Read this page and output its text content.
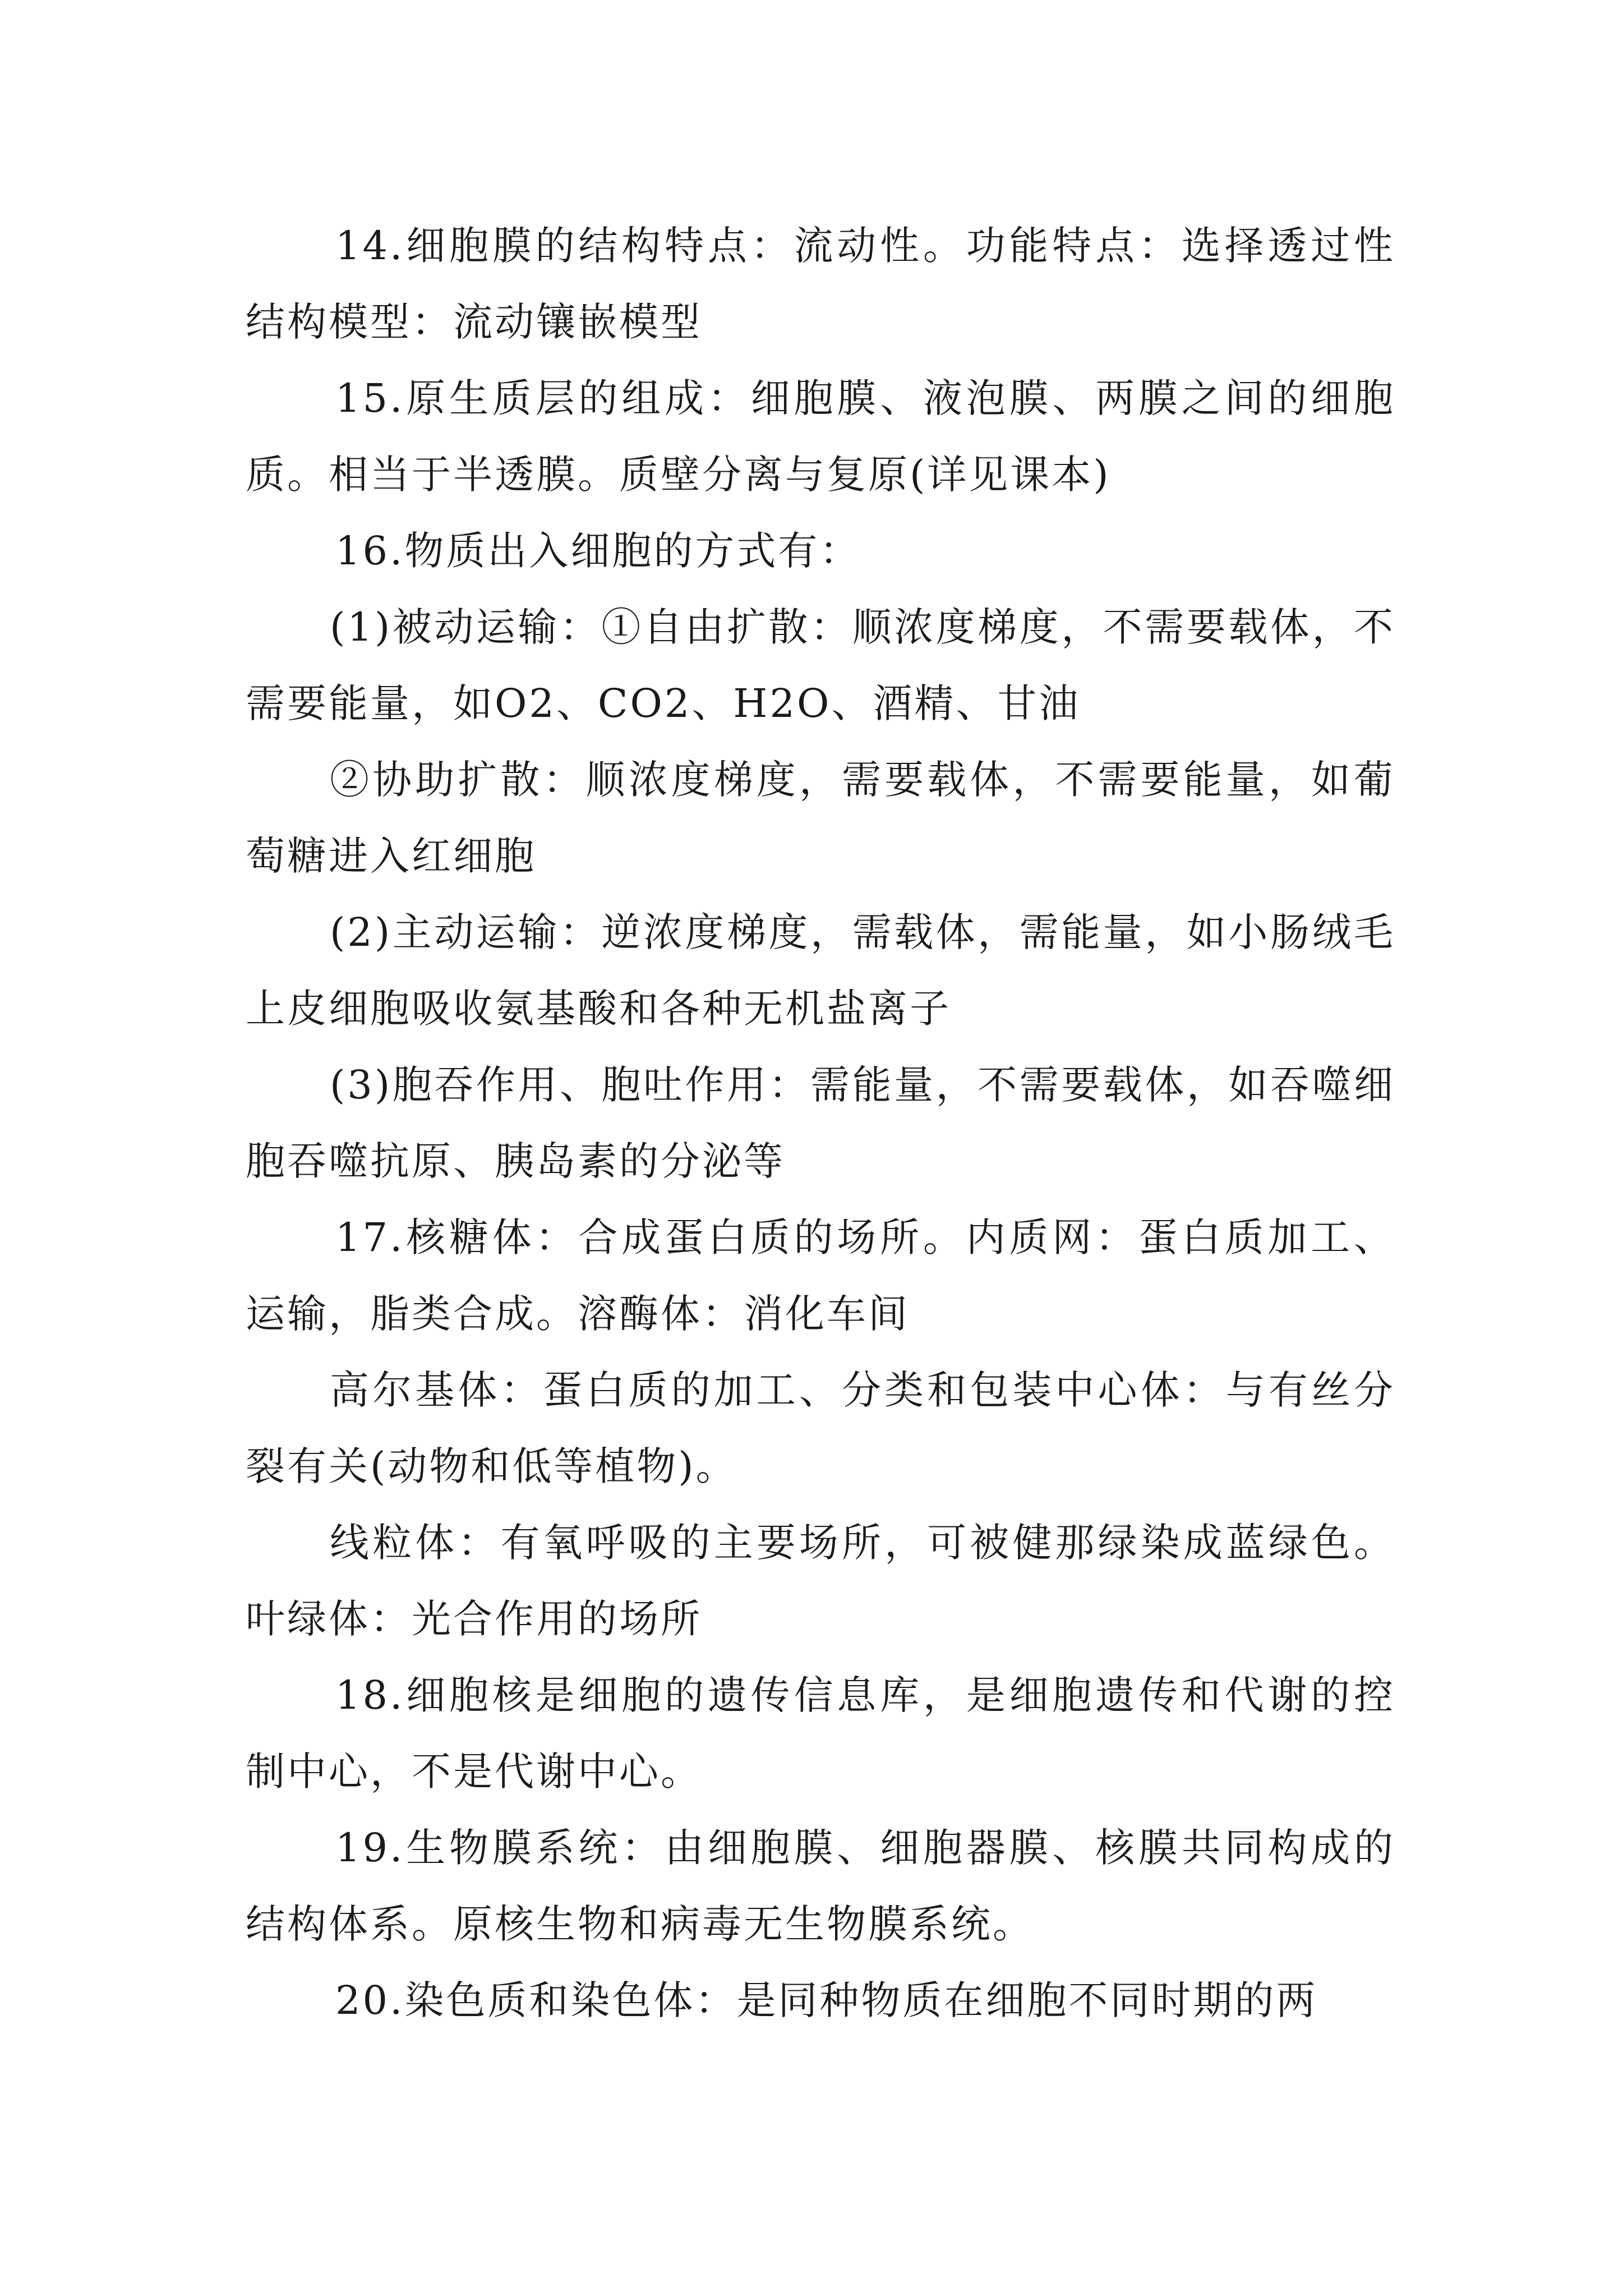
14.细胞膜的结构特点：流动性。功能特点：选择透过性结构模型：流动镶嵌模型

15.原生质层的组成：细胞膜、液泡膜、两膜之间的细胞质。相当于半透膜。质壁分离与复原(详见课本)

16.物质出入细胞的方式有：

(1)被动运输：①自由扩散：顺浓度梯度，不需要载体，不需要能量，如O2、CO2、H2O、酒精、甘油

②协助扩散：顺浓度梯度，需要载体，不需要能量，如葡萄糖进入红细胞

(2)主动运输：逆浓度梯度，需载体，需能量，如小肠绒毛上皮细胞吸收氨基酸和各种无机盐离子

(3)胞吞作用、胞吐作用：需能量，不需要载体，如吞噬细胞吞噬抗原、胰岛素的分泌等

17.核糖体：合成蛋白质的场所。内质网：蛋白质加工、运输，脂类合成。溶酶体：消化车间

高尔基体：蛋白质的加工、分类和包装中心体：与有丝分裂有关(动物和低等植物)。

线粒体：有氧呼吸的主要场所，可被健那绿染成蓝绿色。叶绿体：光合作用的场所

18.细胞核是细胞的遗传信息库，是细胞遗传和代谢的控制中心，不是代谢中心。

19.生物膜系统：由细胞膜、细胞器膜、核膜共同构成的结构体系。原核生物和病毒无生物膜系统。

20.染色质和染色体：是同种物质在细胞不同时期的两
